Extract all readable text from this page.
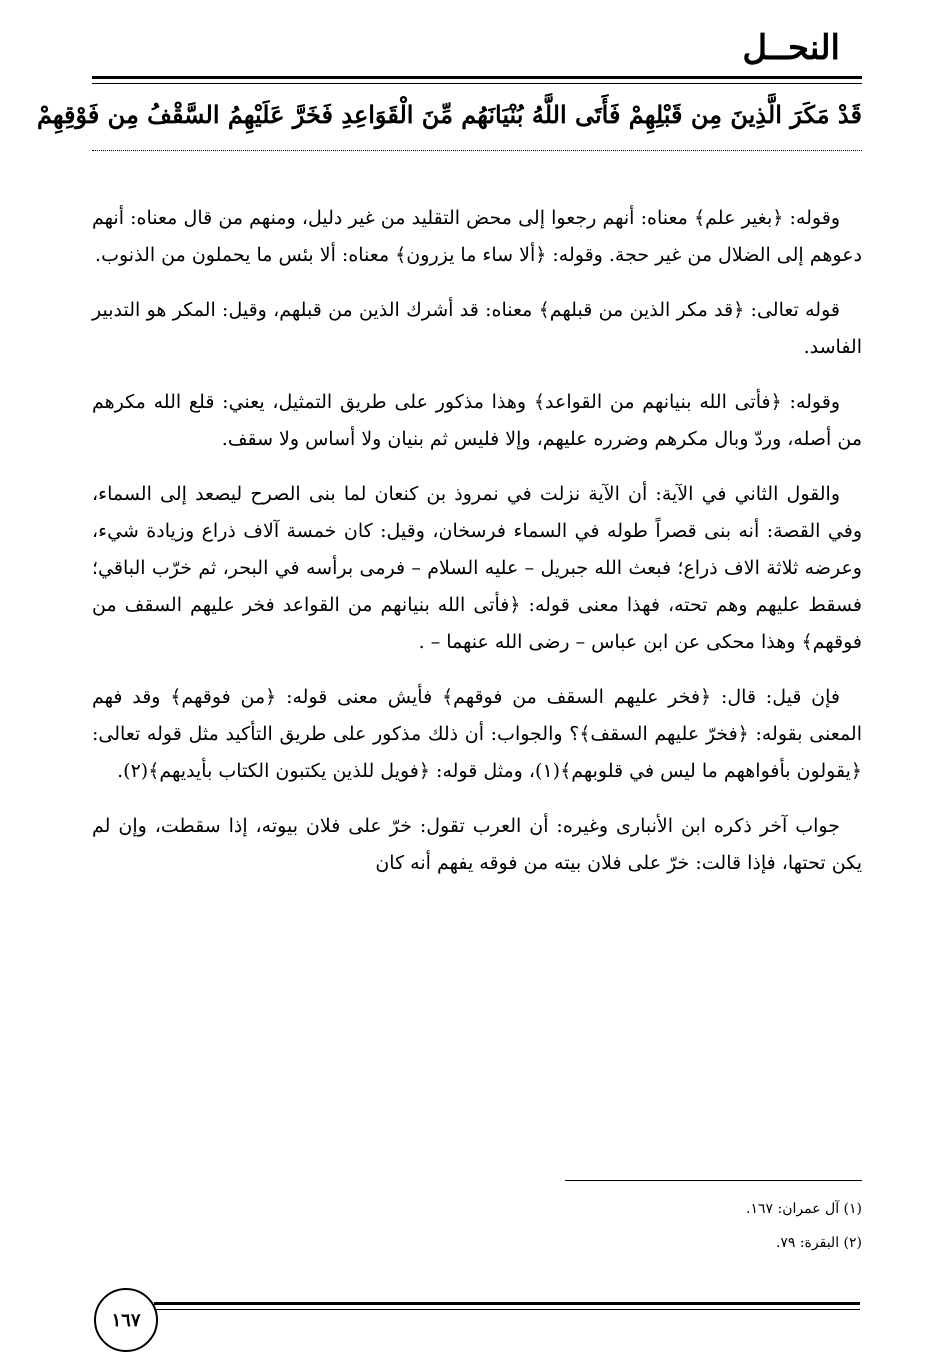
النحــل
قَدْ مَكَرَ الَّذِينَ مِن قَبْلِهِمْ فَأَتَى اللَّهُ بُنْيَانَهُم مِّنَ الْقَوَاعِدِ فَخَرَّ عَلَيْهِمُ السَّقْفُ مِن فَوْقِهِمْ

وقوله: ﴿بغير علم﴾ معناه: أنهم رجعوا إلى محض التقليد من غير دليل، ومنهم من قال معناه: أنهم دعوهم إلى الضلال من غير حجة. وقوله: ﴿ألا ساء ما يزرون﴾ معناه: ألا بئس ما يحملون من الذنوب.

قوله تعالى: ﴿قد مكر الذين من قبلهم﴾ معناه: قد أشرك الذين من قبلهم، وقيل: المكر هو التدبير الفاسد.

وقوله: ﴿فأتى الله بنيانهم من القواعد﴾ وهذا مذكور على طريق التمثيل، يعني: قلع الله مكرهم من أصله، وردّ وبال مكرهم وضرره عليهم، وإلا فليس ثم بنيان ولا أساس ولا سقف.

والقول الثاني في الآية: أن الآية نزلت في نمروذ بن كنعان لما بنى الصرح ليصعد إلى السماء، وفي القصة: أنه بنى قصراً طوله في السماء فرسخان، وقيل: كان خمسة آلاف ذراع وزيادة شيء، وعرضه ثلاثة الاف ذراع؛ فبعث الله جبريل – عليه السلام – فرمى برأسه في البحر، ثم خرّب الباقي؛ فسقط عليهم وهم تحته، فهذا معنى قوله: ﴿فأتى الله بنيانهم من القواعد فخر عليهم السقف من فوقهم﴾ وهذا محكى عن ابن عباس – رضى الله عنهما – .

فإن قيل: قال: ﴿فخر عليهم السقف من فوقهم﴾ فأيش معنى قوله: ﴿من فوقهم﴾ وقد فهم المعنى بقوله: ﴿فخرّ عليهم السقف﴾؟ والجواب: أن ذلك مذكور على طريق التأكيد مثل قوله تعالى: ﴿يقولون بأفواههم ما ليس في قلوبهم﴾(١)، ومثل قوله: ﴿فويل للذين يكتبون الكتاب بأيديهم﴾(٢).

جواب آخر ذكره ابن الأنبارى وغيره: أن العرب تقول: خرّ على فلان بيوته، إذا سقطت، وإن لم يكن تحتها، فإذا قالت: خرّ على فلان بيته من فوقه يفهم أنه كان

(١) آل عمران: ١٦٧.
(٢) البقرة: ٧٩.
١٦٧
